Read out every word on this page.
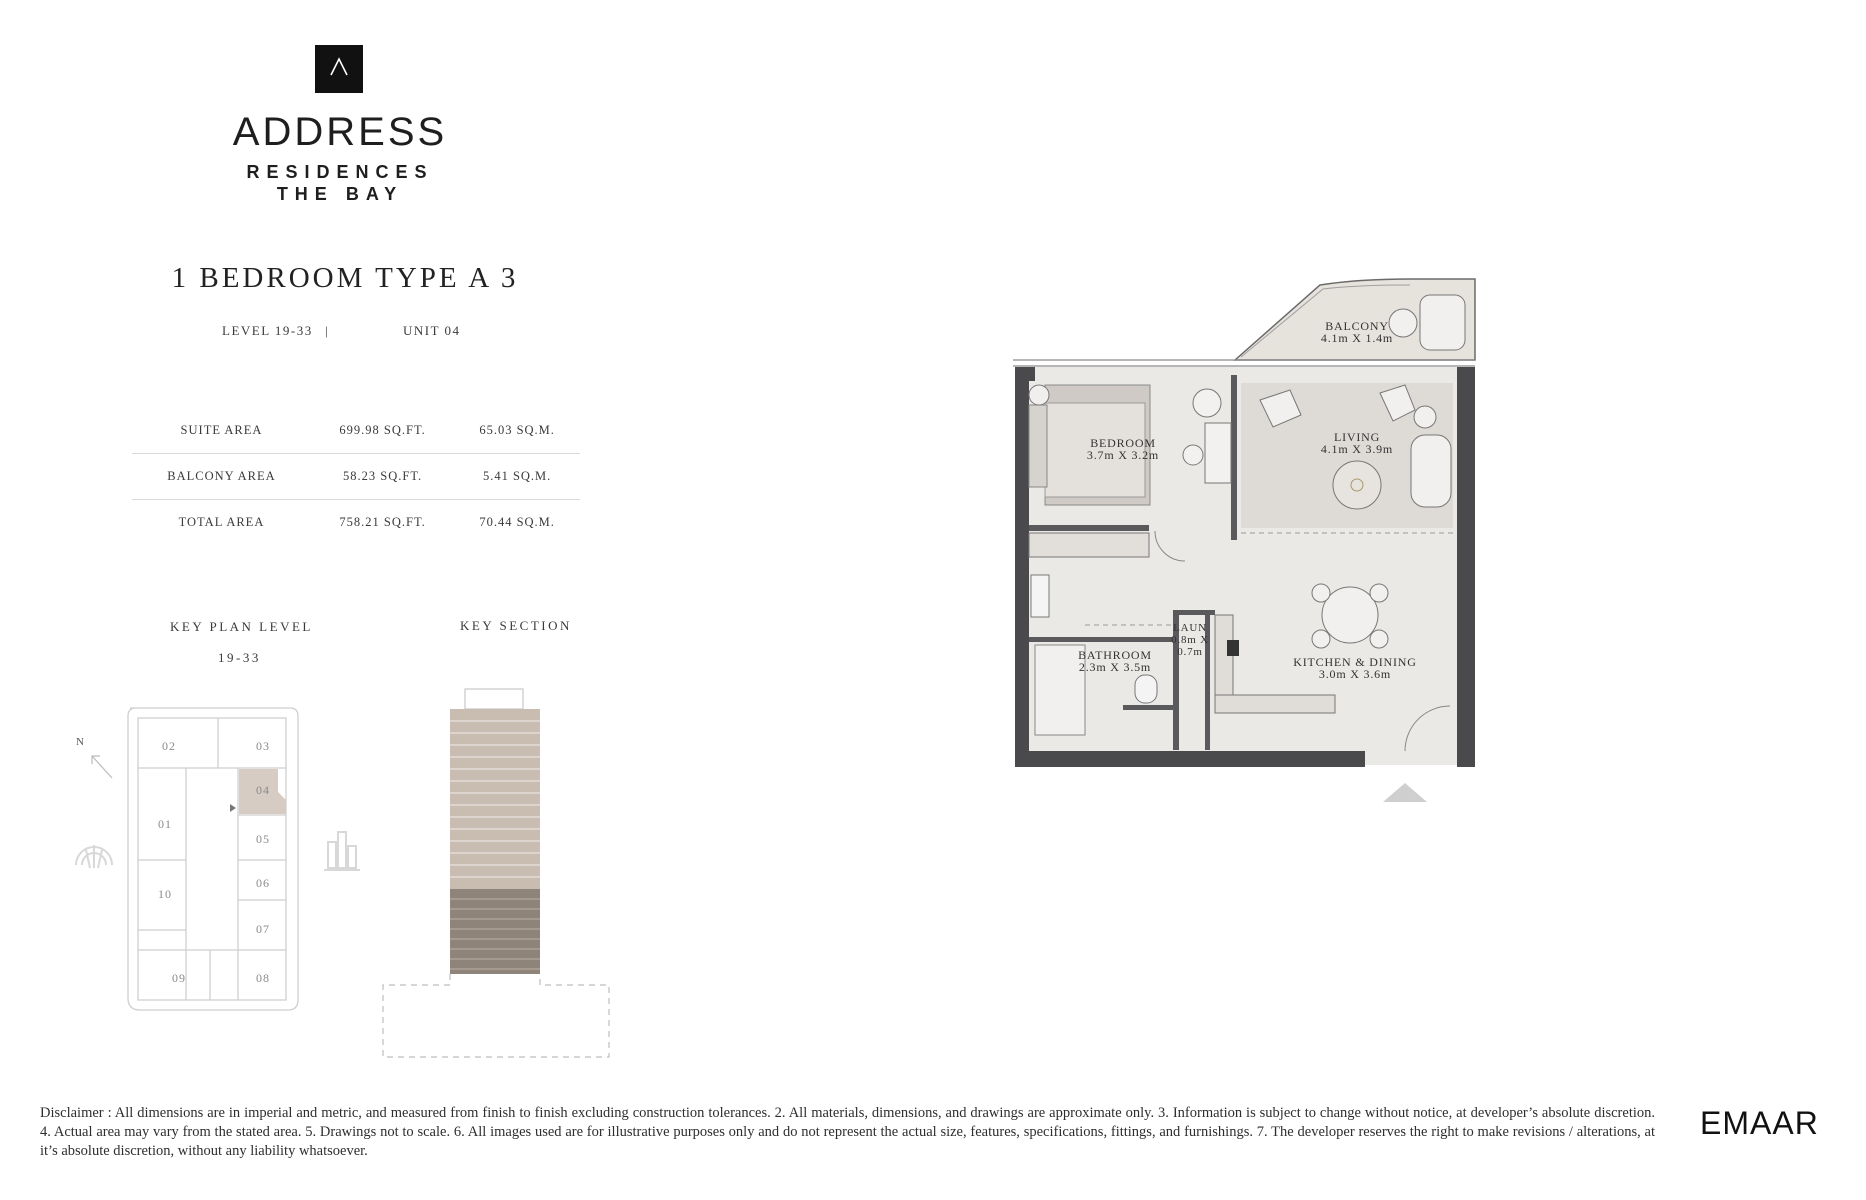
ADDRESS
RESIDENCES
THE BAY
1 BEDROOM TYPE A 3
LEVEL 19-33 |	UNIT 04
SUITE AREA	699.98 SQ.FT.	65.03 SQ.M.
BALCONY AREA	58.23 SQ.FT.	5.41 SQ.M.
TOTAL AREA	758.21 SQ.FT.	70.44 SQ.M.
KEY PLAN LEVEL
19-33
KEY SECTION
02	03
04
01
05
10
06
07
09	08
N
BALCONY
4.1m X 1.4m
BEDROOM
3.7m X 3.2m
LIVING
4.1m X 3.9m
BATHROOM
2.3m X 3.5m
LAUN
0.8m X
0.7m
KITCHEN & DINING
3.0m X 3.6m
Disclaimer : All dimensions are in imperial and metric, and measured from finish to finish excluding construction tolerances. 2. All materials, dimensions, and drawings are approximate only. 3. Information is subject to change without notice, at developer’s absolute discretion. 4. Actual area may vary from the stated area. 5. Drawings not to scale. 6. All images used are for illustrative purposes only and do not represent the actual size, features, specifications, fittings, and furnishings. 7. The developer reserves the right to make revisions / alterations, at it’s absolute discretion, without any liability whatsoever.
EMAAR
